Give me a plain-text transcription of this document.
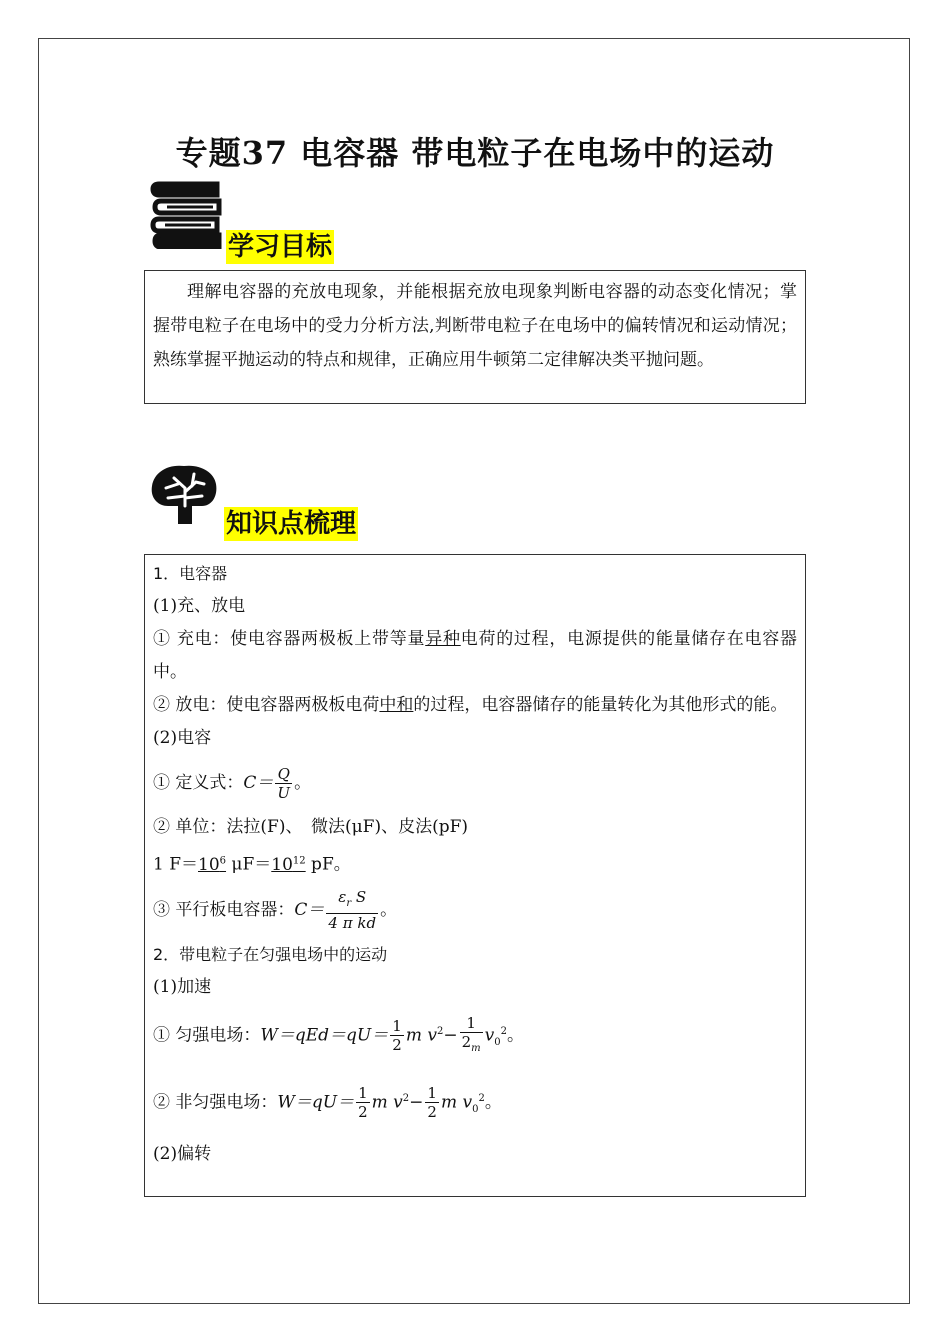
专题37 电容器 带电粒子在电场中的运动
学习目标

理解电容器的充放电现象，并能根据充放电现象判断电容器的动态变化情况；掌握带电粒子在电场中的受力分析方法,判断带电粒子在电场中的偏转情况和运动情况；熟练掌握平抛运动的特点和规律，正确应用牛顿第二定律解决类平抛问题。

知识点梳理
1．电容器
(1)充、放电
① 充电：使电容器两极板上带等量异种电荷的过程，电源提供的能量储存在电容器中。
② 放电：使电容器两极板电荷中和的过程，电容器储存的能量转化为其他形式的能。
(2)电容
① 定义式：$C= \frac{Q}{U}$ 。
② 单位：法拉(F)、　微法(μF)、皮法(pF)
1 $F=10^6$ $\mu F=10^{12}$ pF。
③ 平行板电容器：$C= \frac{\varepsilon_r S}{\text{4 π kd}}$ 。
2．带电粒子在匀强电场中的运动
(1)加速
① 匀强电场：$W=qEd=qU= \frac{1}{2}$ m $v^2- \frac{1}{2_m} v_0^2$。
② 非匀强电场：$W=qU= \frac{1}{2}$ m $v^2- \frac{1}{2}$ m $v_0^2$。
(2)偏转
